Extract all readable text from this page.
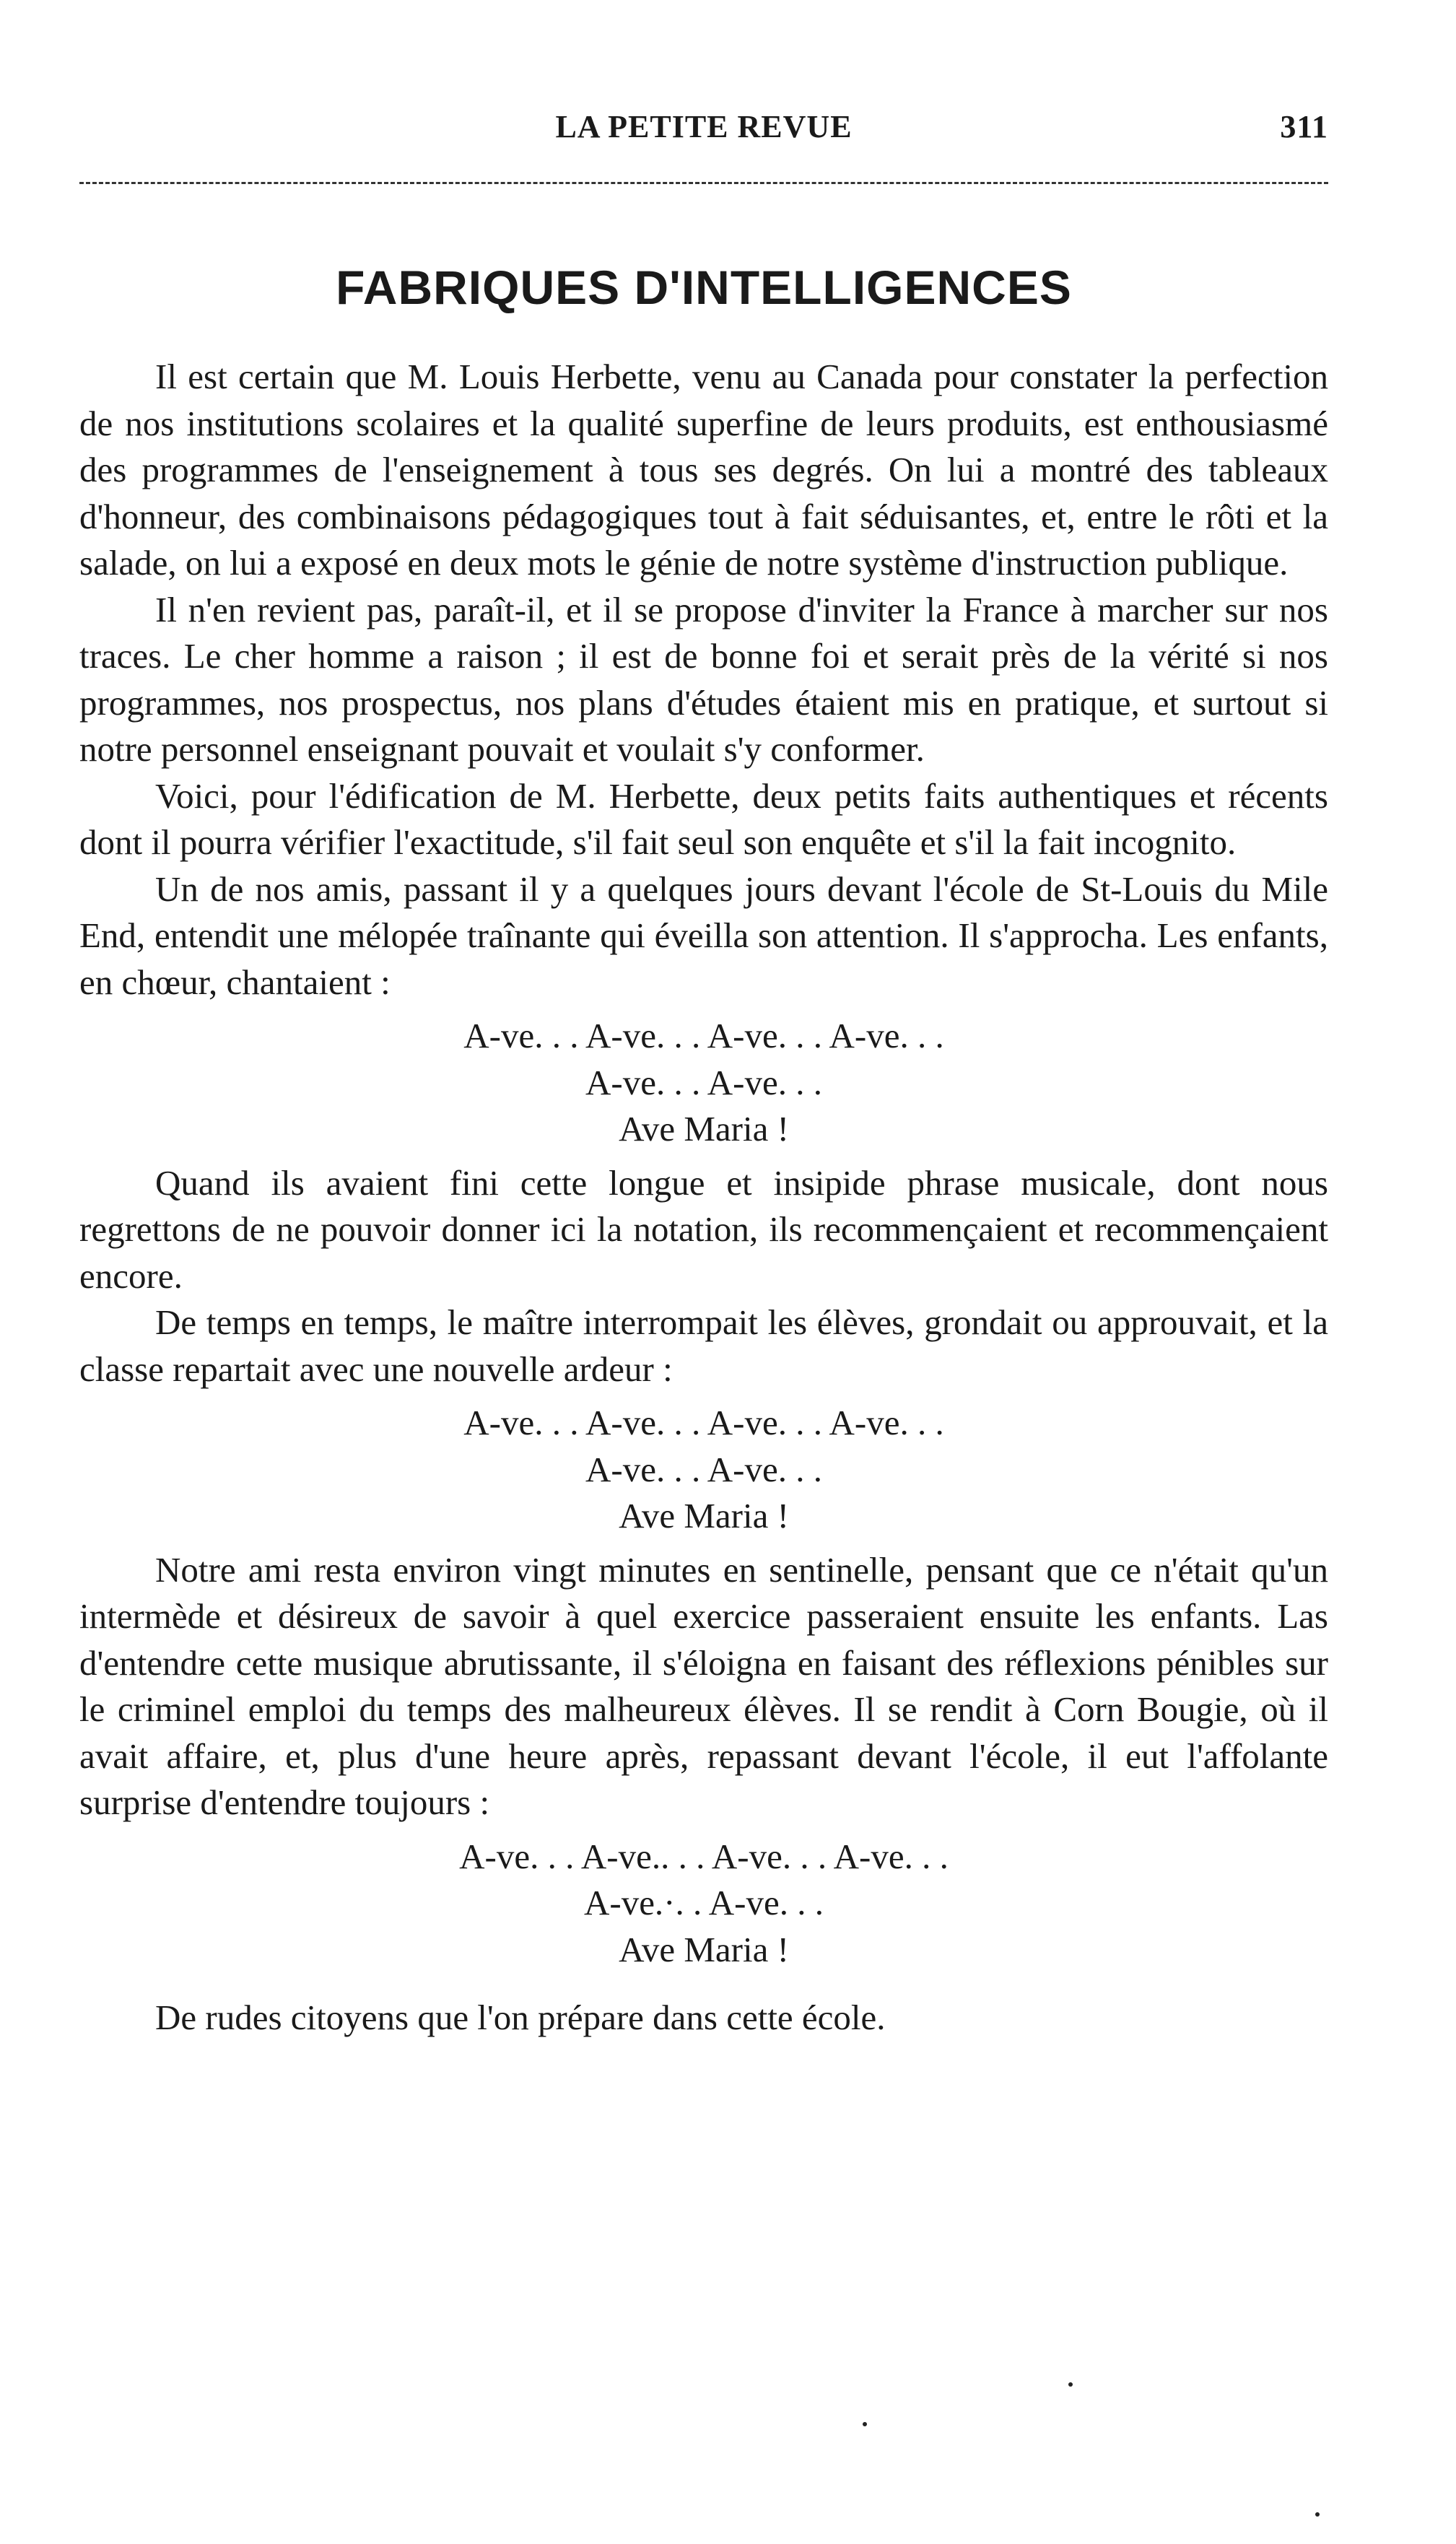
LA PETITE REVUE	311
FABRIQUES D'INTELLIGENCES

Il est certain que M. Louis Herbette, venu au Canada pour constater la perfection de nos institutions scolaires et la qualité superfine de leurs produits, est enthousiasmé des programmes de l'enseignement à tous ses degrés. On lui a montré des tableaux d'honneur, des combinaisons pédagogiques tout à fait séduisantes, et, entre le rôti et la salade, on lui a exposé en deux mots le génie de notre système d'instruction publique.

Il n'en revient pas, paraît-il, et il se propose d'inviter la France à marcher sur nos traces. Le cher homme a raison ; il est de bonne foi et serait près de la vérité si nos programmes, nos prospectus, nos plans d'études étaient mis en pratique, et surtout si notre personnel enseignant pouvait et voulait s'y conformer.

Voici, pour l'édification de M. Herbette, deux petits faits authentiques et récents dont il pourra vérifier l'exactitude, s'il fait seul son enquête et s'il la fait incognito.

Un de nos amis, passant il y a quelques jours devant l'école de St-Louis du Mile End, entendit une mélopée traînante qui éveilla son attention. Il s'approcha. Les enfants, en chœur, chantaient :

A-ve. . . A-ve. . . A-ve. . . A-ve. . .
A-ve. . . A-ve. . .
Ave Maria !

Quand ils avaient fini cette longue et insipide phrase musicale, dont nous regrettons de ne pouvoir donner ici la notation, ils recommençaient et recommençaient encore.

De temps en temps, le maître interrompait les élèves, grondait ou approuvait, et la classe repartait avec une nouvelle ardeur :

A-ve. . . A-ve. . . A-ve. . . A-ve. . .
A-ve. . . A-ve. . .
Ave Maria !

Notre ami resta environ vingt minutes en sentinelle, pensant que ce n'était qu'un intermède et désireux de savoir à quel exercice passeraient ensuite les enfants. Las d'entendre cette musique abrutissante, il s'éloigna en faisant des réflexions pénibles sur le criminel emploi du temps des malheureux élèves. Il se rendit à Corn Bougie, où il avait affaire, et, plus d'une heure après, repassant devant l'école, il eut l'affolante surprise d'entendre toujours :

A-ve. . . A-ve.. . . A-ve. . . A-ve. . .
A-ve.·. . A-ve. . .
Ave Maria !

De rudes citoyens que l'on prépare dans cette école.
